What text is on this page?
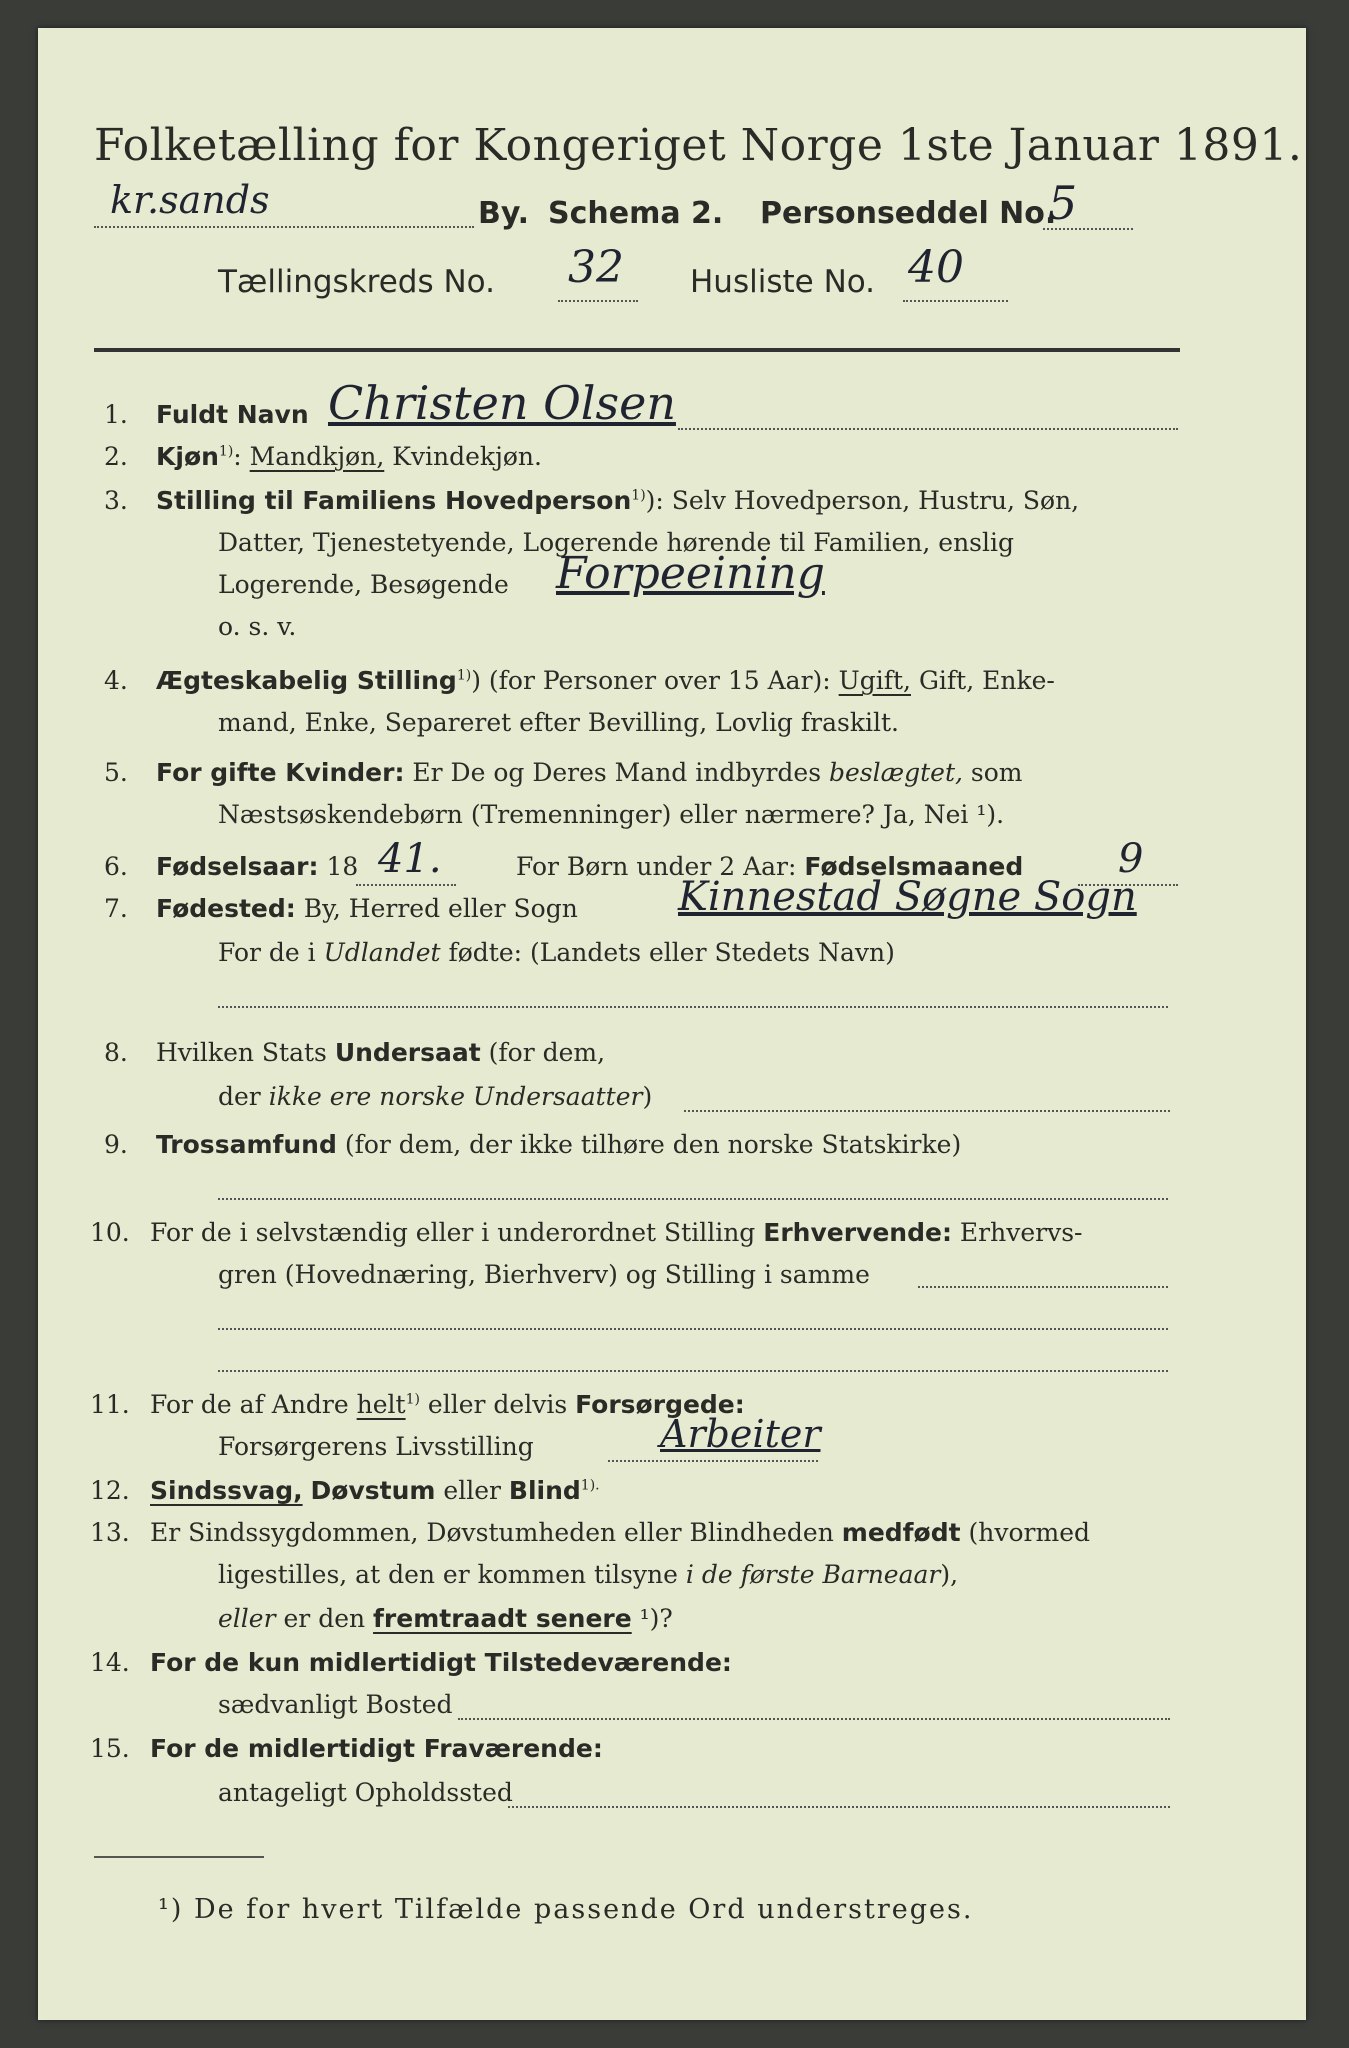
Folketælling for Kongeriget Norge 1ste Januar 1891.
kr.sands	By. Schema 2. Personseddel No.
5
Tællingskreds No. 32 Husliste No. 40
1. Fuldt Navn Christen Olsen
2. Kjøn$^{1)}$: Mandkjøn, Kvindekjøn.
3. Stilling til Familiens Hovedperson$^{1)}$): Selv Hovedperson, Hustru, Søn,
Datter, Tjenestetyende, Logerende hørende til Familien, enslig
Logerende, Besøgende Forpeeining
o. s. v.
4. Ægteskabelig Stilling$^{1)}$) (for Personer over 15 Aar): Ugift, Gift, Enke-
mand, Enke, Separeret efter Bevilling, Lovlig fraskilt.
5. For gifte Kvinder: Er De og Deres Mand indbyrdes beslægtet, som
Næstsøskendebørn (Tremenninger) eller nærmere? Ja, Nei ¹).
6. Fødselsaar: 18 41.	For Børn under 2 Aar: Fødselsmaaned 9
7. Fødested: By, Herred eller Sogn	Kinnestad Søgne Sogn
For de i Udlandet fødte: (Landets eller Stedets Navn)
8. Hvilken Stats Undersaat (for dem,
der ikke ere norske Undersaatter)
9. Trossamfund (for dem, der ikke tilhøre den norske Statskirke)
10. For de i selvstændig eller i underordnet Stilling Erhvervende: Erhvervs-
gren (Hovednæring, Bierhverv) og Stilling i samme
11. For de af Andre helt$^{1)}$ eller delvis Forsørgede:
Forsørgerens Livsstilling	Arbeiter
12. Sindssvag, Døvstum eller Blind$^{1).}$
13. Er Sindssygdommen, Døvstumheden eller Blindheden medfødt (hvormed
ligestilles, at den er kommen tilsyne i de første Barneaar),
eller er den fremtraadt senere ¹)?
14. For de kun midlertidigt Tilstedeværende:
sædvanligt Bosted
15. For de midlertidigt Fraværende:
antageligt Opholdssted
¹) De for hvert Tilfælde passende Ord understreges.
